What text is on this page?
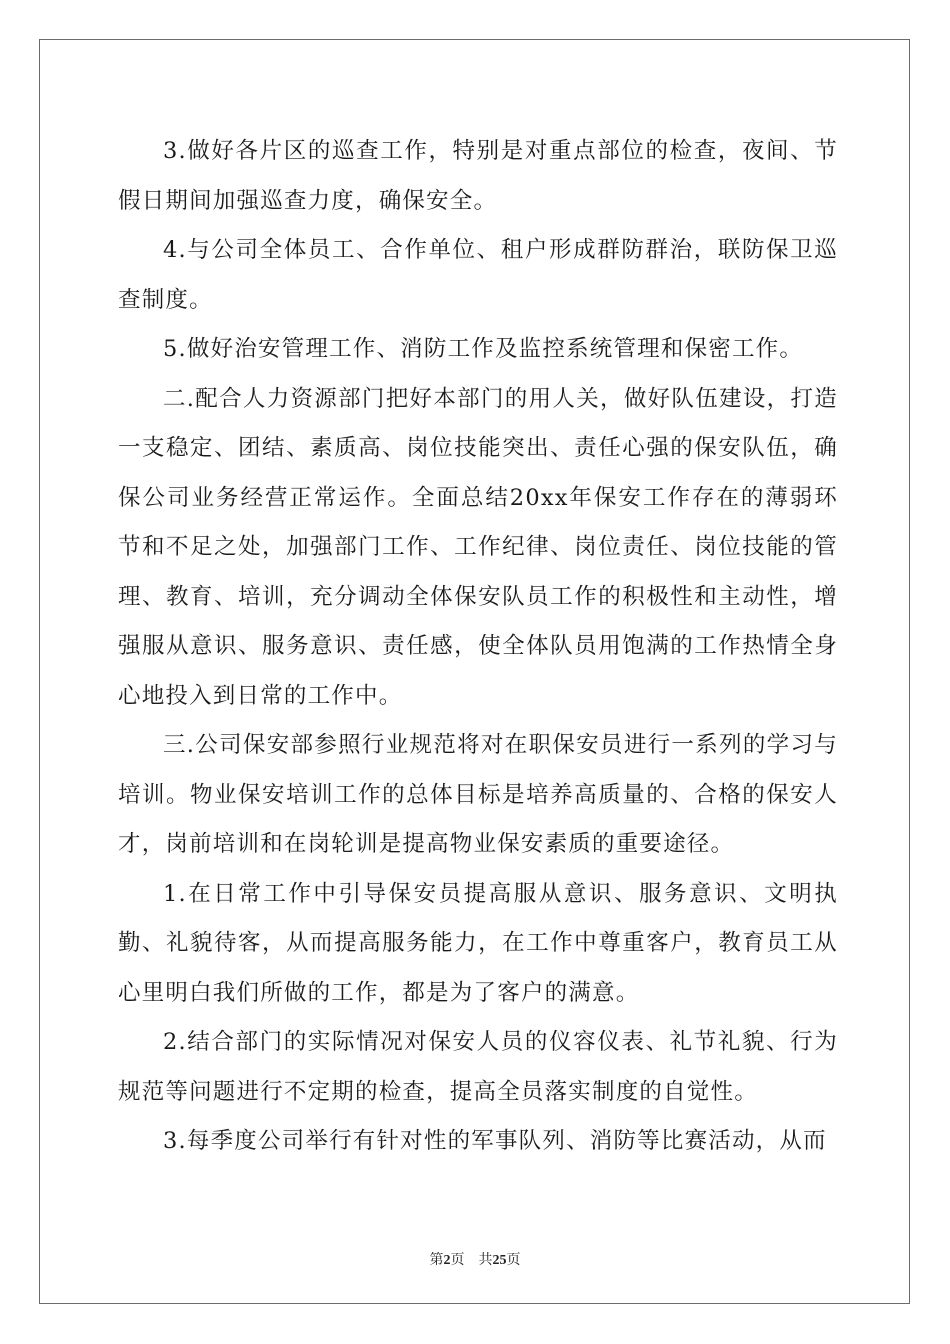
3.做好各片区的巡查工作，特别是对重点部位的检查，夜间、节假日期间加强巡查力度，确保安全。

4.与公司全体员工、合作单位、租户形成群防群治，联防保卫巡查制度。

5.做好治安管理工作、消防工作及监控系统管理和保密工作。

二.配合人力资源部门把好本部门的用人关，做好队伍建设，打造一支稳定、团结、素质高、岗位技能突出、责任心强的保安队伍，确保公司业务经营正常运作。全面总结20xx年保安工作存在的薄弱环节和不足之处，加强部门工作、工作纪律、岗位责任、岗位技能的管理、教育、培训，充分调动全体保安队员工作的积极性和主动性，增强服从意识、服务意识、责任感，使全体队员用饱满的工作热情全身心地投入到日常的工作中。

三.公司保安部参照行业规范将对在职保安员进行一系列的学习与培训。物业保安培训工作的总体目标是培养高质量的、合格的保安人才，岗前培训和在岗轮训是提高物业保安素质的重要途径。

1.在日常工作中引导保安员提高服从意识、服务意识、文明执勤、礼貌待客，从而提高服务能力，在工作中尊重客户，教育员工从心里明白我们所做的工作，都是为了客户的满意。

2.结合部门的实际情况对保安人员的仪容仪表、礼节礼貌、行为规范等问题进行不定期的检查，提高全员落实制度的自觉性。

3.每季度公司举行有针对性的军事队列、消防等比赛活动，从而

第2页 共25页
